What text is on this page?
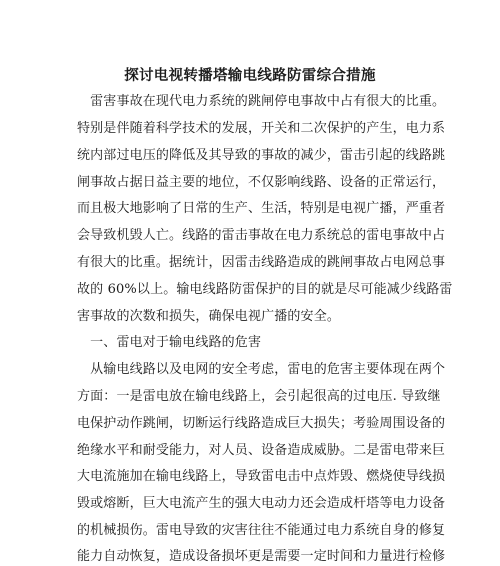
探讨电视转播塔输电线路防雷综合措施
　雷害事故在现代电力系统的跳闸停电事故中占有很大的比重。
特别是伴随着科学技术的发展，开关和二次保护的产生，电力系
统内部过电压的降低及其导致的事故的减少，雷击引起的线路跳
闸事故占据日益主要的地位，不仅影响线路、设备的正常运行，
而且极大地影响了日常的生产、生活，特别是电视广播，严重者
会导致机毁人亡。线路的雷击事故在电力系统总的雷电事故中占
有很大的比重。据统计，因雷击线路造成的跳闸事故占电网总事
故的 60%以上。输电线路防雷保护的目的就是尽可能减少线路雷
害事故的次数和损失，确保电视广播的安全。
　一、雷电对于输电线路的危害
　从输电线路以及电网的安全考虑，雷电的危害主要体现在两个
方面：一是雷电放在输电线路上，会引起很高的过电压. 导致继
电保护动作跳闸，切断运行线路造成巨大损失；考验周围设备的
绝缘水平和耐受能力，对人员、设备造成威胁。二是雷电带来巨
大电流施加在输电线路上，导致雷电击中点炸毁、燃烧使导线损
毁或熔断，巨大电流产生的强大电动力还会造成杆塔等电力设备
的机械损伤。雷电导致的灾害往往不能通过电力系统自身的修复
能力自动恢复，造成设备损坏更是需要一定时间和力量进行检修
